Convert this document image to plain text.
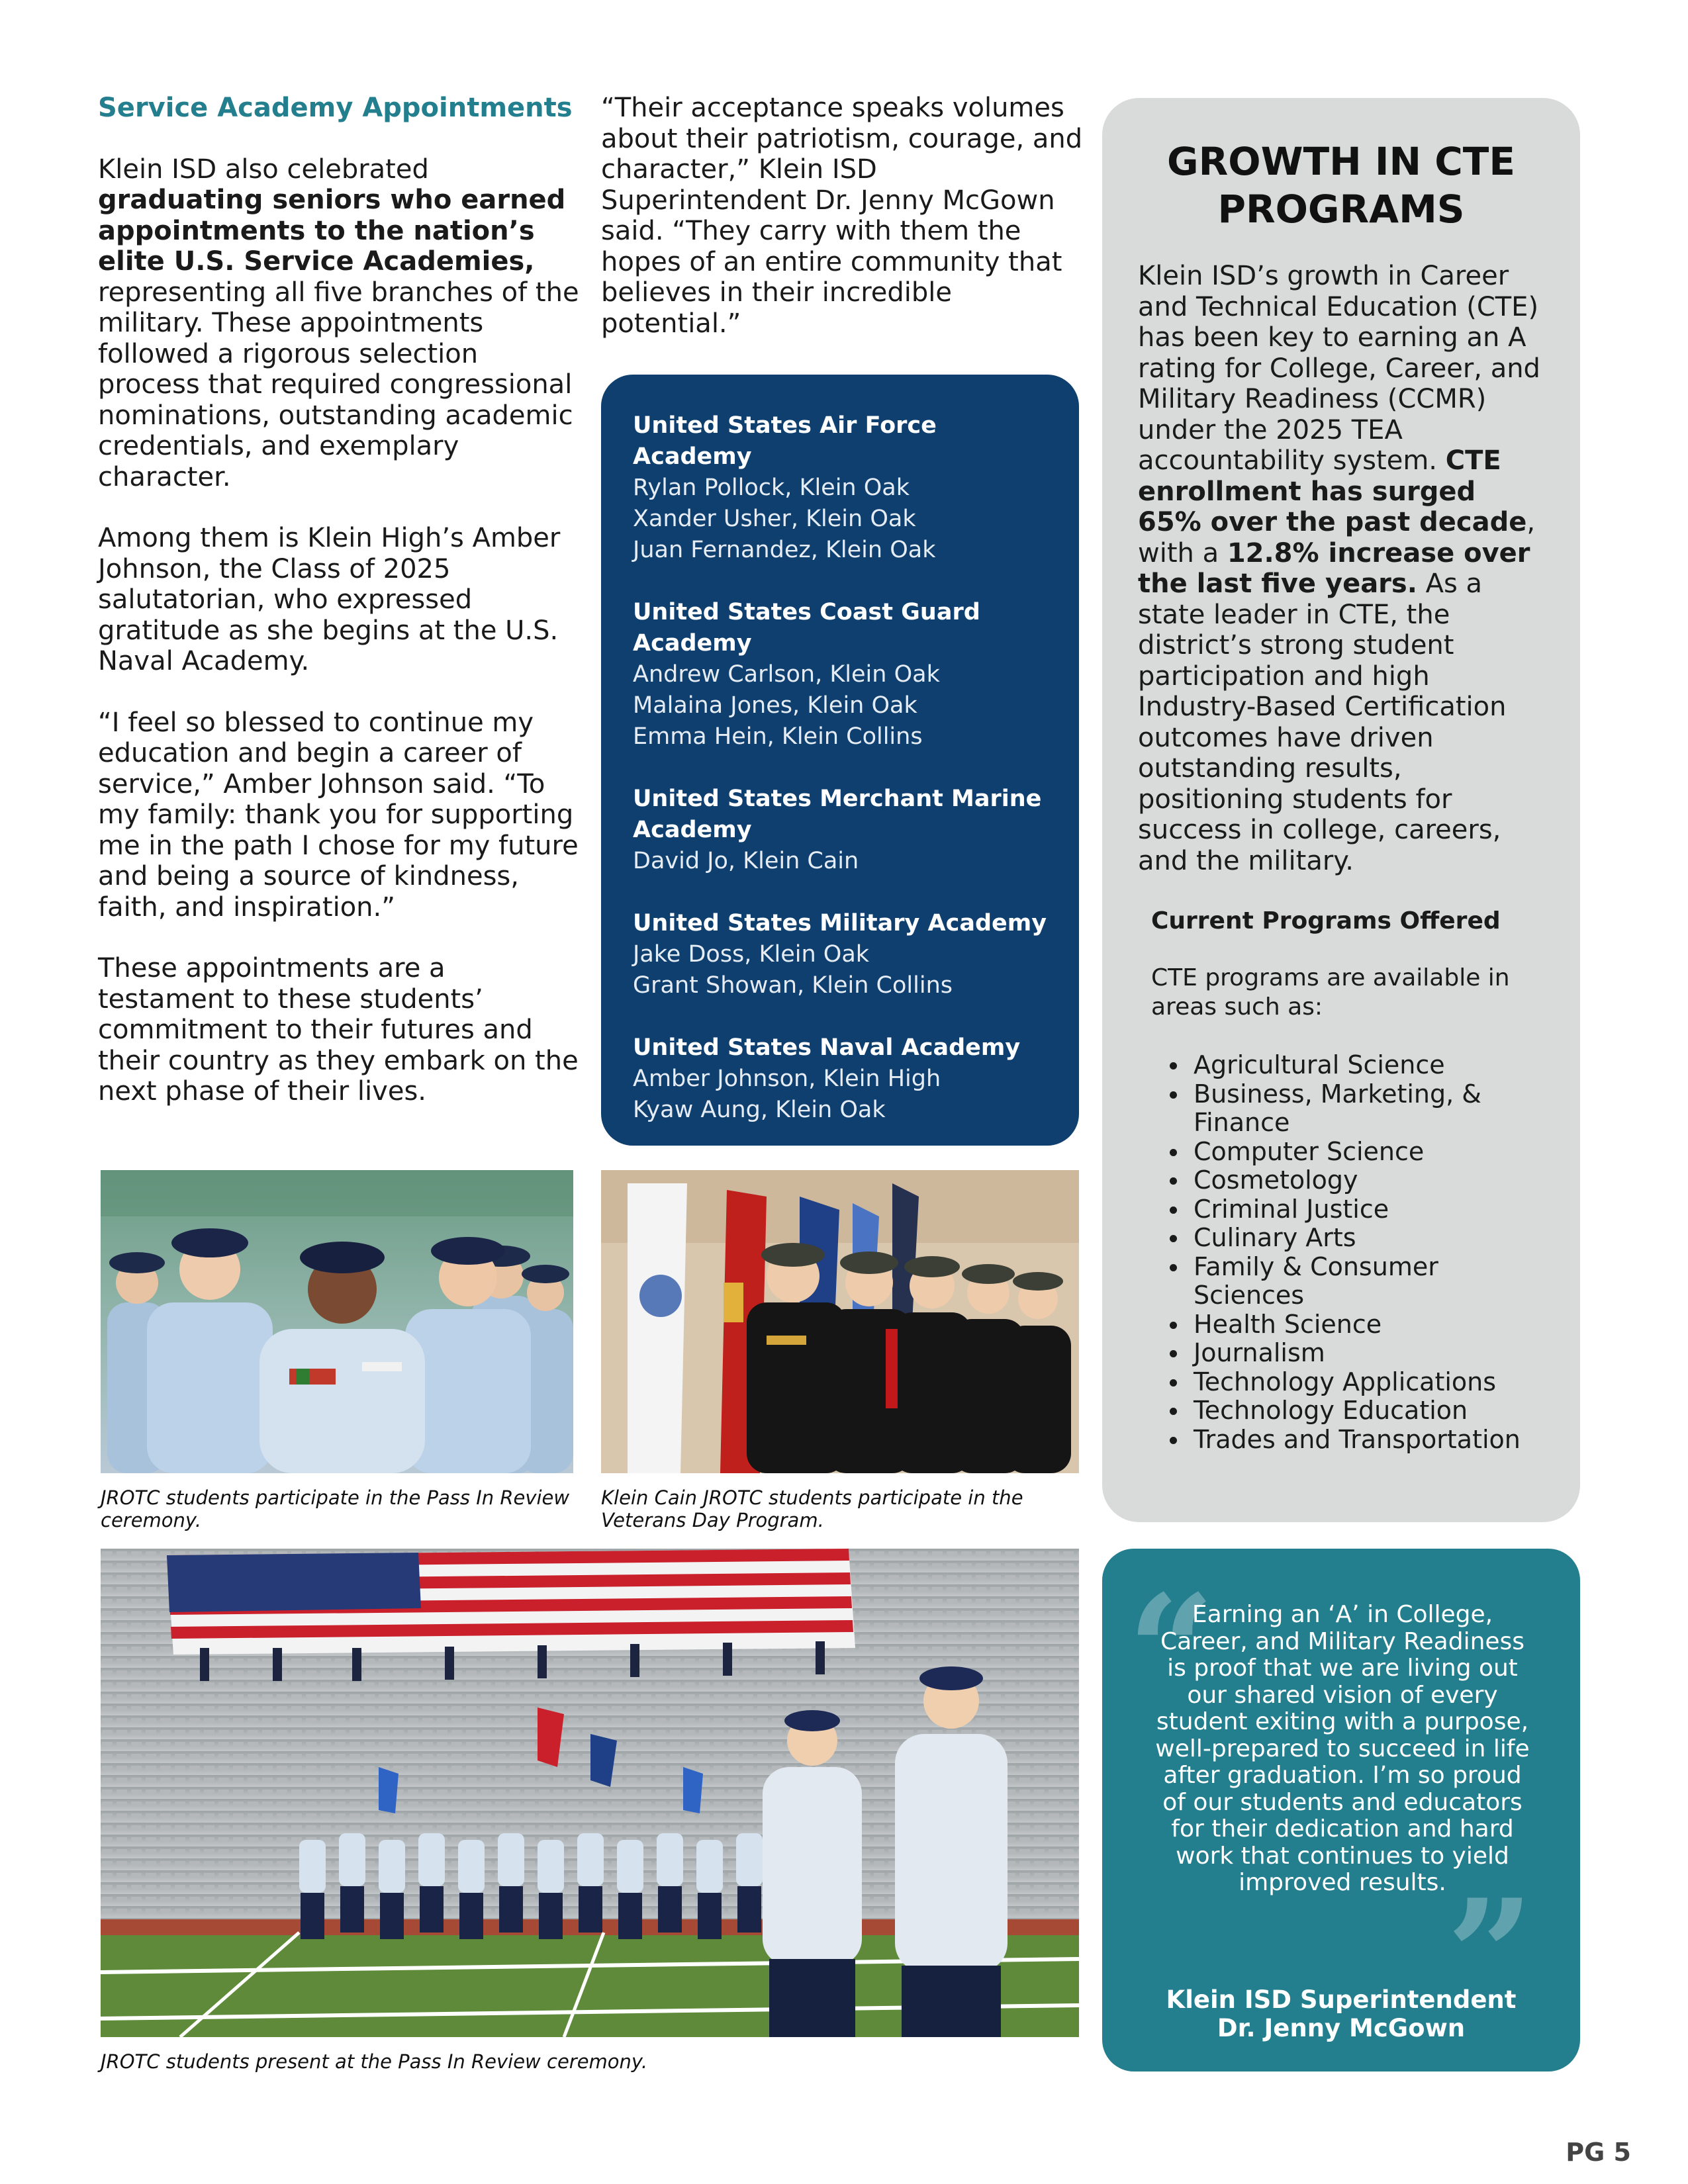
Service Academy Appointments

Klein ISD also celebrated graduating seniors who earned appointments to the nation’s elite U.S. Service Academies, representing all five branches of the military. These appointments followed a rigorous selection process that required congressional nominations, outstanding academic credentials, and exemplary character.

Among them is Klein High’s Amber Johnson, the Class of 2025 salutatorian, who expressed gratitude as she begins at the U.S. Naval Academy.

“I feel so blessed to continue my education and begin a career of service,” Amber Johnson said. “To my family: thank you for supporting me in the path I chose for my future and being a source of kindness, faith, and inspiration.”

These appointments are a testament to these students’ commitment to their futures and their country as they embark on the next phase of their lives.

“Their acceptance speaks volumes about their patriotism, courage, and character,” Klein ISD Superintendent Dr. Jenny McGown said. “They carry with them the hopes of an entire community that believes in their incredible potential.”
United States Air Force Academy
Rylan Pollock, Klein Oak
Xander Usher, Klein Oak
Juan Fernandez, Klein Oak
United States Coast Guard Academy
Andrew Carlson, Klein Oak
Malaina Jones, Klein Oak
Emma Hein, Klein Collins
United States Merchant Marine Academy
David Jo, Klein Cain
United States Military Academy
Jake Doss, Klein Oak
Grant Showan, Klein Collins
United States Naval Academy
Amber Johnson, Klein High
Kyaw Aung, Klein Oak
GROWTH IN CTE PROGRAMS
Klein ISD’s growth in Career and Technical Education (CTE) has been key to earning an A rating for College, Career, and Military Readiness (CCMR) under the 2025 TEA accountability system. CTE enrollment has surged 65% over the past decade, with a 12.8% increase over the last five years. As a state leader in CTE, the district’s strong student participation and high Industry-Based Certification outcomes have driven outstanding results, positioning students for success in college, careers, and the military.
Current Programs Offered
CTE programs are available in areas such as:
Agricultural Science
Business, Marketing, & Finance
Computer Science
Cosmetology
Criminal Justice
Culinary Arts
Family & Consumer Sciences
Health Science
Journalism
Technology Applications
Technology Education
Trades and Transportation
“
”
Earning an ‘A’ in College, Career, and Military Readiness is proof that we are living out our shared vision of every student exiting with a purpose, well-prepared to succeed in life after graduation. I’m so proud of our students and educators for their dedication and hard work that continues to yield improved results.
Klein ISD Superintendent
Dr. Jenny McGown
JROTC students participate in the Pass In Review ceremony.
Klein Cain JROTC students participate in the Veterans Day Program.
JROTC students present at the Pass In Review ceremony.
PG 5
